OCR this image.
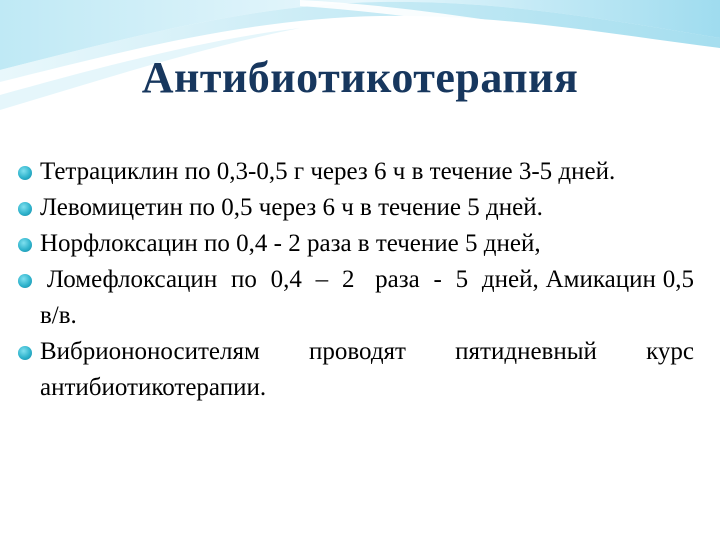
Антибиотикотерапия

Тетрациклин по 0,3-0,5 г через 6 ч в течение 3-5 дней.

Левомицетин по 0,5 через 6 ч в течение 5 дней.

Норфлоксацин по 0,4 - 2 раза в течение 5 дней,

Ломефлоксацин  по  0,4  –  2   раза  -  5  дней, Амикацин 0,5  в/в.

Вибриононосителям проводят пятидневный курс антибиотикотерапии.
